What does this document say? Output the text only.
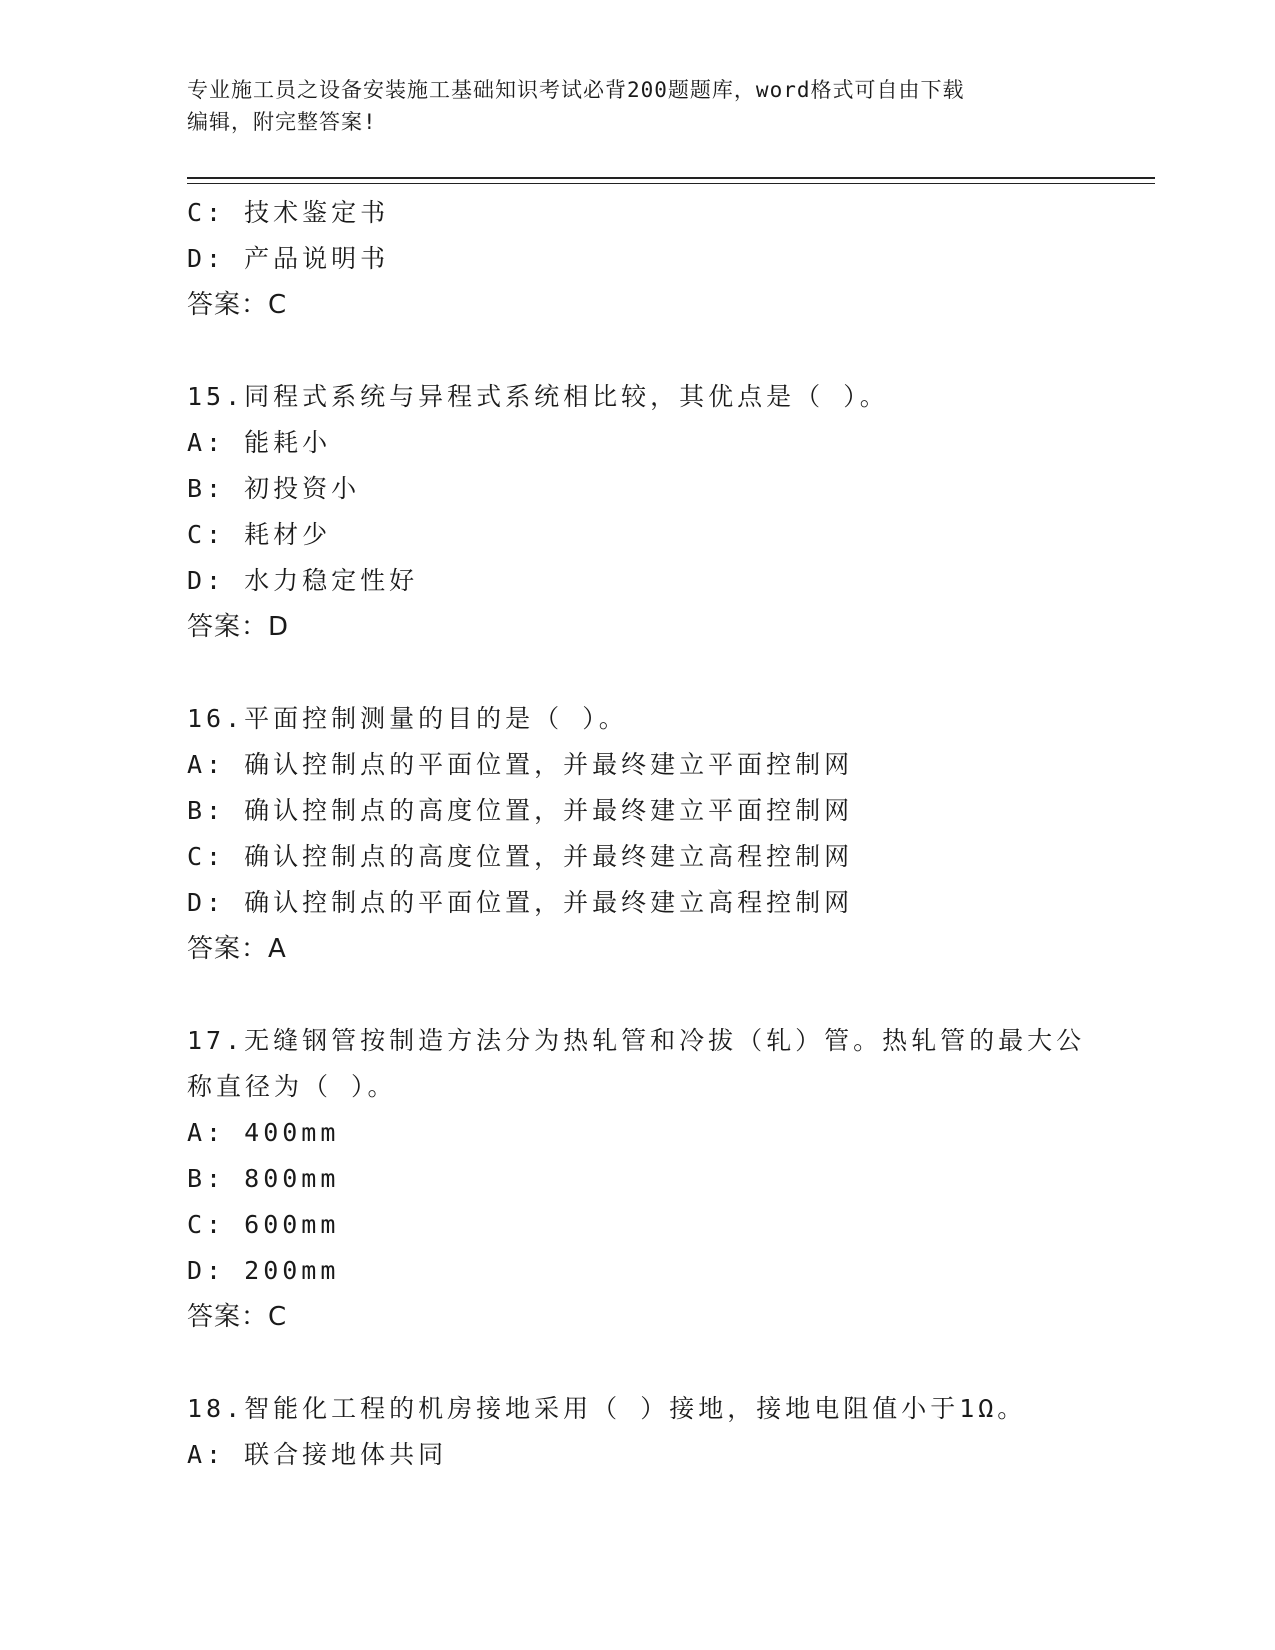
专业施工员之设备安装施工基础知识考试必背200题题库，word格式可自由下载
编辑，附完整答案!
C: 技术鉴定书
D: 产品说明书
答案：C
15.同程式系统与异程式系统相比较，其优点是（ ）。
A: 能耗小
B: 初投资小
C: 耗材少
D: 水力稳定性好
答案：D
16.平面控制测量的目的是（ ）。
A: 确认控制点的平面位置，并最终建立平面控制网
B: 确认控制点的高度位置，并最终建立平面控制网
C: 确认控制点的高度位置，并最终建立高程控制网
D: 确认控制点的平面位置，并最终建立高程控制网
答案：A
17.无缝钢管按制造方法分为热轧管和冷拔（轧）管。热轧管的最大公
称直径为（ ）。
A: 400mm
B: 800mm
C: 600mm
D: 200mm
答案：C
18.智能化工程的机房接地采用（ ）接地，接地电阻值小于1Ω。
A: 联合接地体共同
